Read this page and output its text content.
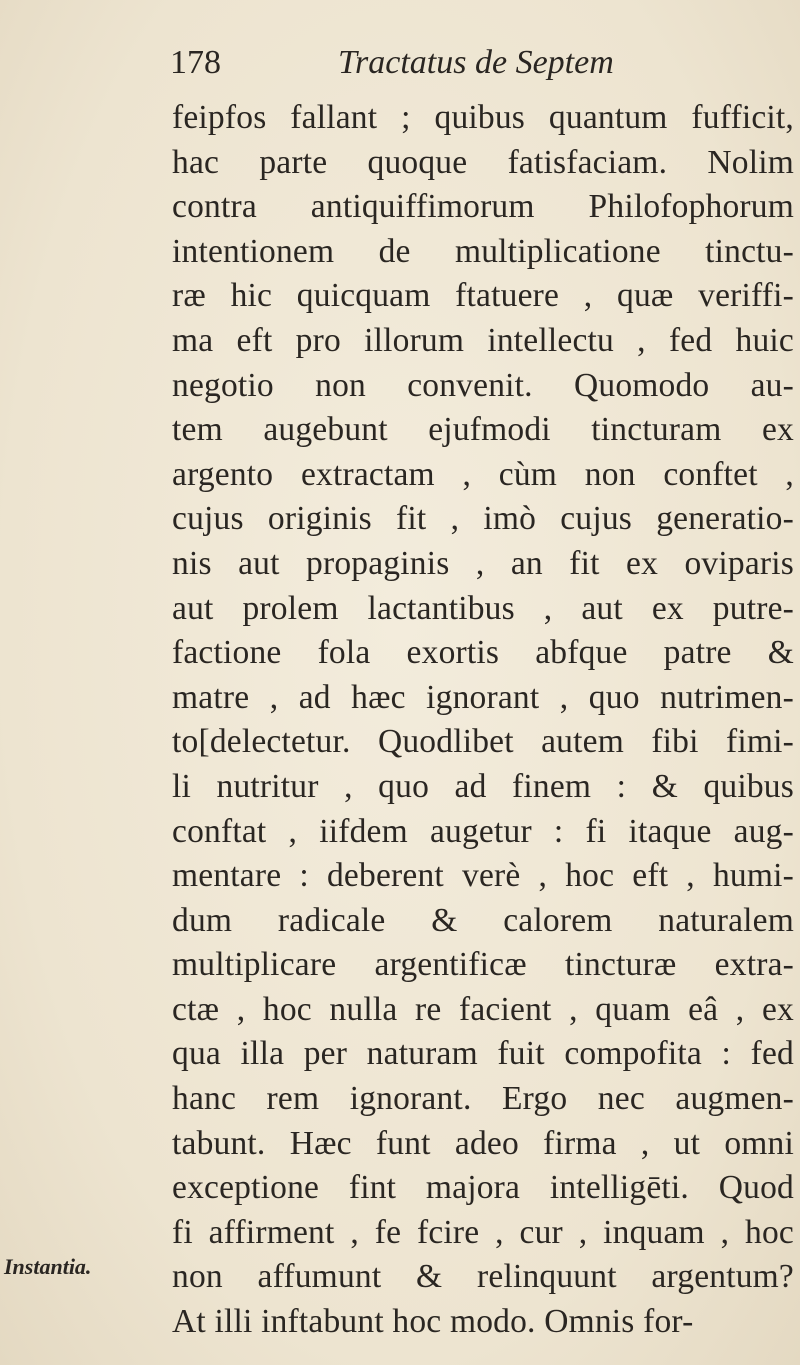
178	Tractatus de Septem
Instantia.
feipfos fallant ; quibus quantum fufficit,
hac parte quoque fatisfaciam. Nolim
contra antiquiffimorum Philofophorum
intentionem de multiplicatione tinctu-
ræ hic quicquam ftatuere , quæ veriffi-
ma eft pro illorum intellectu , fed huic
negotio non convenit. Quomodo au-
tem augebunt ejufmodi tincturam ex
argento extractam , cùm non conftet ,
cujus originis fit , imò cujus generatio-
nis aut propaginis , an fit ex oviparis
aut prolem lactantibus , aut ex putre-
factione fola exortis abfque patre &
matre , ad hæc ignorant , quo nutrimen-
to[delectetur. Quodlibet autem fibi fimi-
li nutritur , quo ad finem : & quibus
conftat , iifdem augetur : fi itaque aug-
mentare : deberent verè , hoc eft , humi-
dum radicale & calorem naturalem
multiplicare argentificæ tincturæ extra-
ctæ , hoc nulla re facient , quam eâ , ex
qua illa per naturam fuit compofita : fed
hanc rem ignorant. Ergo nec augmen-
tabunt. Hæc funt adeo firma , ut omni
exceptione fint majora intelligēti. Quod
fi affirment , fe fcire , cur , inquam , hoc
non affumunt & relinquunt argentum?
At illi inftabunt hoc modo. Omnis for-
